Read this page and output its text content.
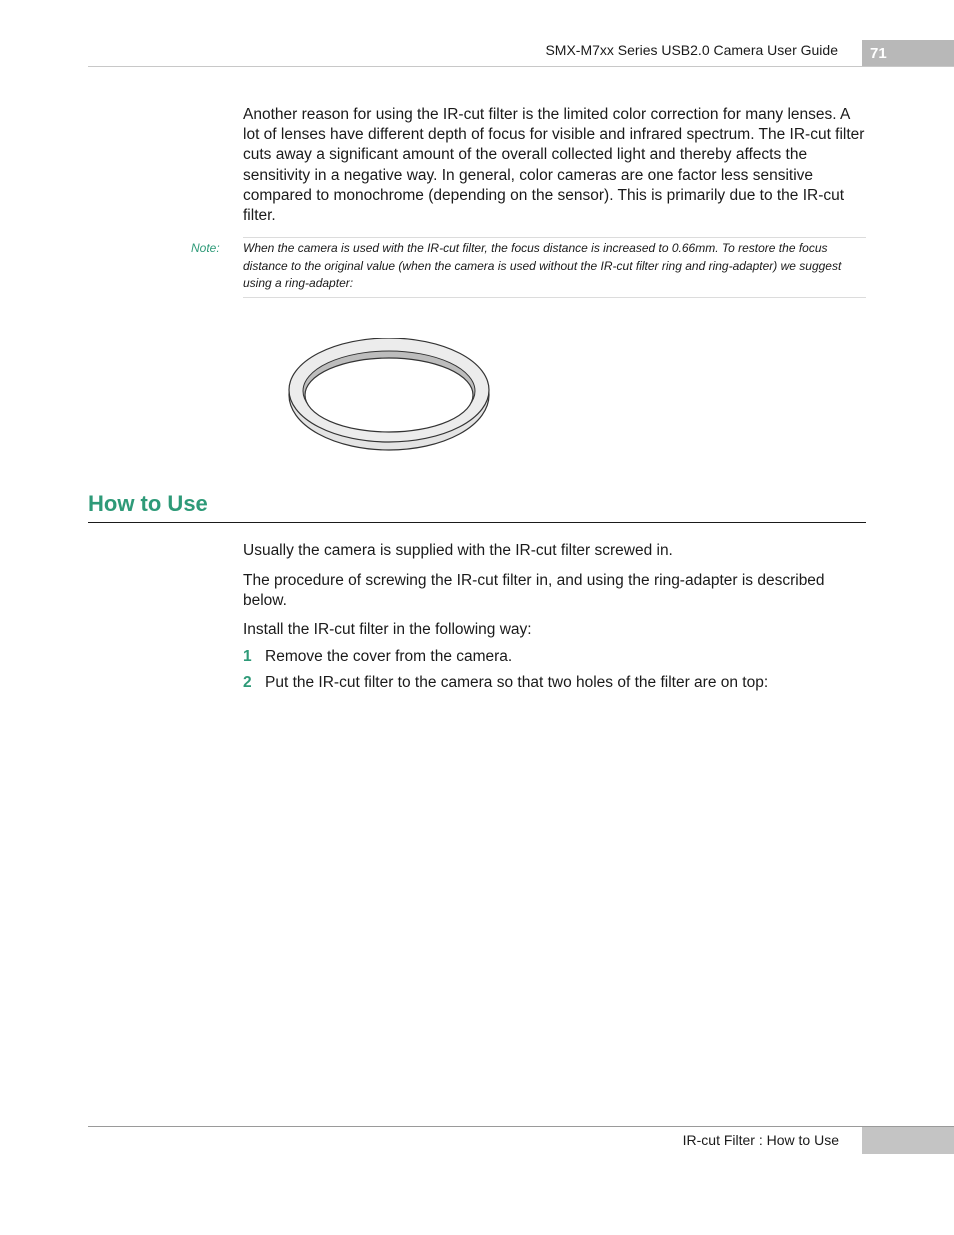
SMX-M7xx Series USB2.0 Camera User Guide	71

Another reason for using the IR-cut filter is the limited color correction for many lenses. A lot of lenses have different depth of focus for visible and infrared spectrum. The IR-cut filter cuts away a significant amount of the overall collected light and thereby affects the sensitivity in a negative way. In general, color cameras are one factor less sensitive compared to monochrome (depending on the sensor). This is primarily due to the IR-cut filter.

Note: When the camera is used with the IR-cut filter, the focus distance is increased to 0.66mm. To restore the focus distance to the original value (when the camera is used without the IR-cut filter ring and ring-adapter) we suggest using a ring-adapter:

How to Use

Usually the camera is supplied with the IR-cut filter screwed in.

The procedure of screwing the IR-cut filter in, and using the ring-adapter is described below.

Install the IR-cut filter in the following way:

1 Remove the cover from the camera.
2 Put the IR-cut filter to the camera so that two holes of the filter are on top:
IR-cut Filter : How to Use
